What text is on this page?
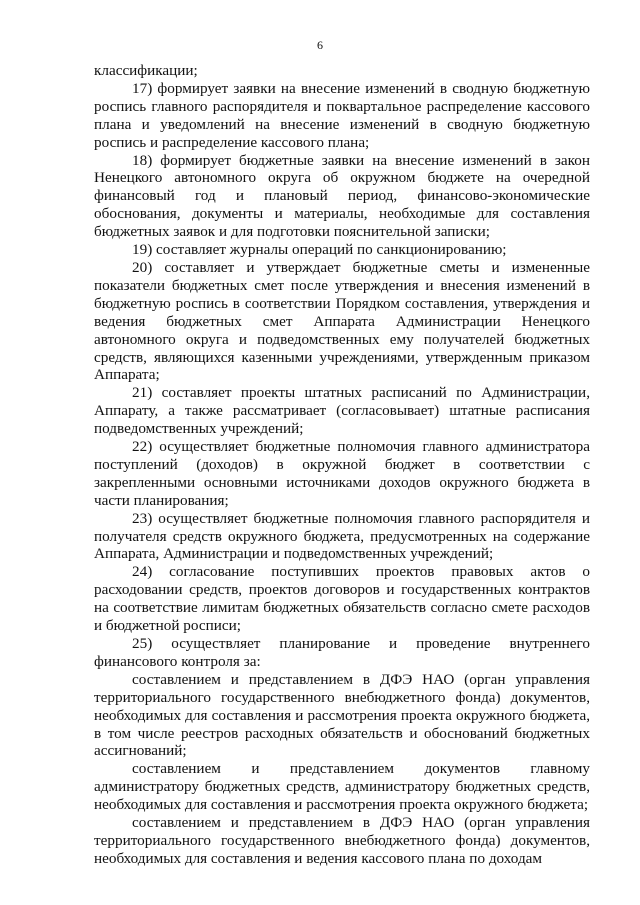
6

классификации;

17) формирует заявки на внесение изменений в сводную бюджетную роспись главного распорядителя и поквартальное распределение кассового плана и уведомлений на внесение изменений в сводную бюджетную роспись и распределение кассового плана;

18) формирует бюджетные заявки на внесение изменений в закон Ненецкого автономного округа об окружном бюджете на очередной финансовый год и плановый период, финансово-экономические обоснования, документы и материалы, необходимые для составления бюджетных заявок и для подготовки пояснительной записки;

19) составляет журналы операций по санкционированию;

20) составляет и утверждает бюджетные сметы и измененные показатели бюджетных смет после утверждения и внесения изменений в бюджетную роспись в соответствии Порядком составления, утверждения и ведения бюджетных смет Аппарата Администрации Ненецкого автономного округа и подведомственных ему получателей бюджетных средств, являющихся казенными учреждениями, утвержденным приказом Аппарата;

21) составляет проекты штатных расписаний по Администрации, Аппарату, а также рассматривает (согласовывает) штатные расписания подведомственных учреждений;

22) осуществляет бюджетные полномочия главного администратора поступлений (доходов) в окружной бюджет в соответствии с закрепленными основными источниками доходов окружного бюджета в части планирования;

23) осуществляет бюджетные полномочия главного распорядителя и получателя средств окружного бюджета, предусмотренных на содержание Аппарата, Администрации и подведомственных учреждений;

24) согласование поступивших проектов правовых актов о расходовании средств, проектов договоров и государственных контрактов на соответствие лимитам бюджетных обязательств согласно смете расходов и бюджетной росписи;

25) осуществляет планирование и проведение внутреннего финансового контроля за:

составлением и представлением в ДФЭ НАО (орган управления территориального государственного внебюджетного фонда) документов, необходимых для составления и рассмотрения проекта окружного бюджета, в том числе реестров расходных обязательств и обоснований бюджетных ассигнований;

составлением и представлением документов главному администратору бюджетных средств, администратору бюджетных средств, необходимых для составления и рассмотрения проекта окружного бюджета;

составлением и представлением в ДФЭ НАО (орган управления территориального государственного внебюджетного фонда) документов, необходимых для составления и ведения кассового плана по доходам
